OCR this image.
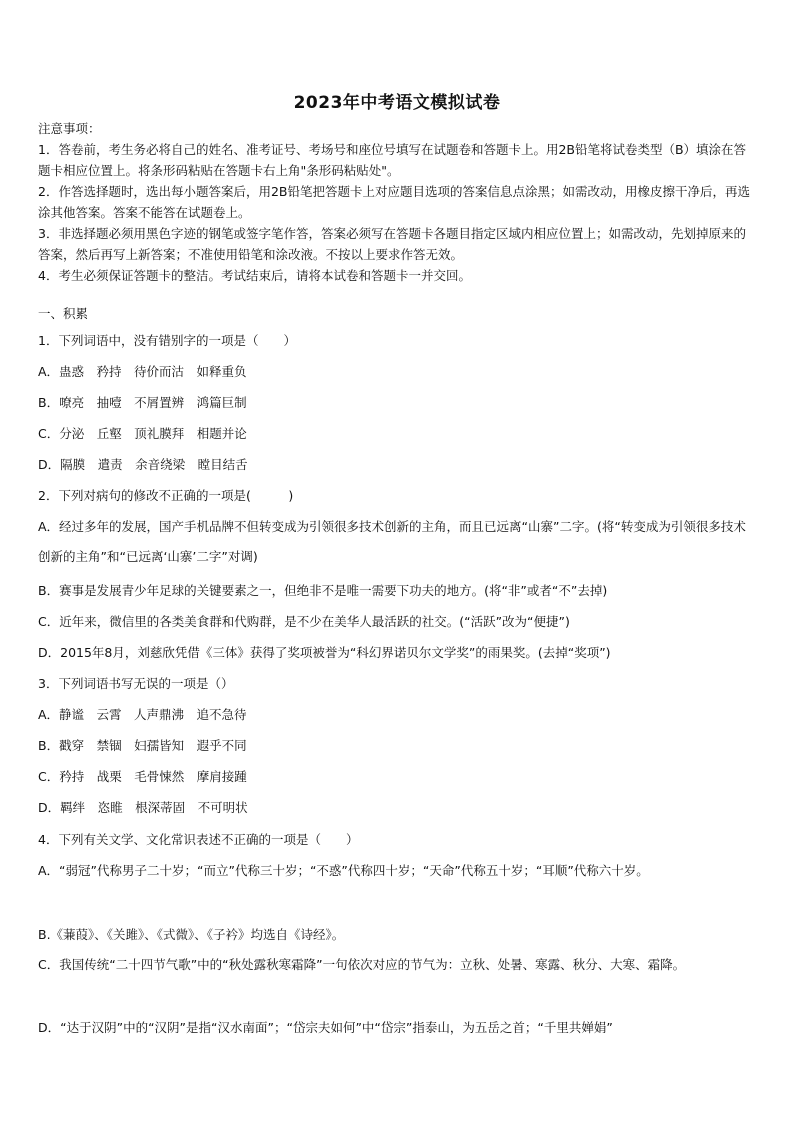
2023年中考语文模拟试卷
注意事项：
1．答卷前，考生务必将自己的姓名、准考证号、考场号和座位号填写在试题卷和答题卡上。用2B铅笔将试卷类型（B）填涂在答题卡相应位置上。将条形码粘贴在答题卡右上角"条形码粘贴处"。
2．作答选择题时，选出每小题答案后，用2B铅笔把答题卡上对应题目选项的答案信息点涂黑；如需改动，用橡皮擦干净后，再选涂其他答案。答案不能答在试题卷上。
3．非选择题必须用黑色字迹的钢笔或签字笔作答，答案必须写在答题卡各题目指定区域内相应位置上；如需改动，先划掉原来的答案，然后再写上新答案；不准使用铅笔和涂改液。不按以上要求作答无效。
4．考生必须保证答题卡的整洁。考试结束后，请将本试卷和答题卡一并交回。
一、积累
1．下列词语中，没有错别字的一项是（　　）
A．蛊惑　矜持　待价而沽　如释重负
B．嘹亮　抽噎　不屑置辨　鸿篇巨制
C．分泌　丘壑　顶礼膜拜　相题并论
D．隔膜　遣责　余音绕梁　瞠目结舌
2．下列对病句的修改不正确的一项是(　　　)
A．经过多年的发展，国产手机品牌不但转变成为引领很多技术创新的主角，而且已远离“山寨”二字。(将“转变成为引领很多技术创新的主角”和“已远离‘山寨’二字”对调)
B．赛事是发展青少年足球的关键要素之一，但绝非不是唯一需要下功夫的地方。(将“非”或者“不”去掉)
C．近年来，微信里的各类美食群和代购群，是不少在美华人最活跃的社交。(“活跃”改为“便捷”)
D．2015年8月，刘慈欣凭借《三体》获得了奖项被誉为“科幻界诺贝尔文学奖”的雨果奖。(去掉“奖项”)
3．下列词语书写无误的一项是（）
A．静谧　云霄　人声鼎沸　追不急待
B．戳穿　禁锢　妇孺皆知　遐乎不同
C．矜持　战栗　毛骨悚然　摩肩接踵
D．羁绊　恣睢　根深蒂固　不可明状
4．下列有关文学、文化常识表述不正确的一项是（　　）
A．“弱冠”代称男子二十岁；“而立”代称三十岁；“不惑”代称四十岁；“天命”代称五十岁；“耳顺”代称六十岁。
B.《蒹葭》、《关雎》、《式微》、《子衿》均选自《诗经》。
C．我国传统“二十四节气歌”中的“秋处露秋寒霜降”一句依次对应的节气为：立秋、处暑、寒露、秋分、大寒、霜降。
D．“达于汉阴”中的“汉阴”是指“汉水南面”；“岱宗夫如何”中“岱宗”指泰山，为五岳之首；“千里共婵娟”
